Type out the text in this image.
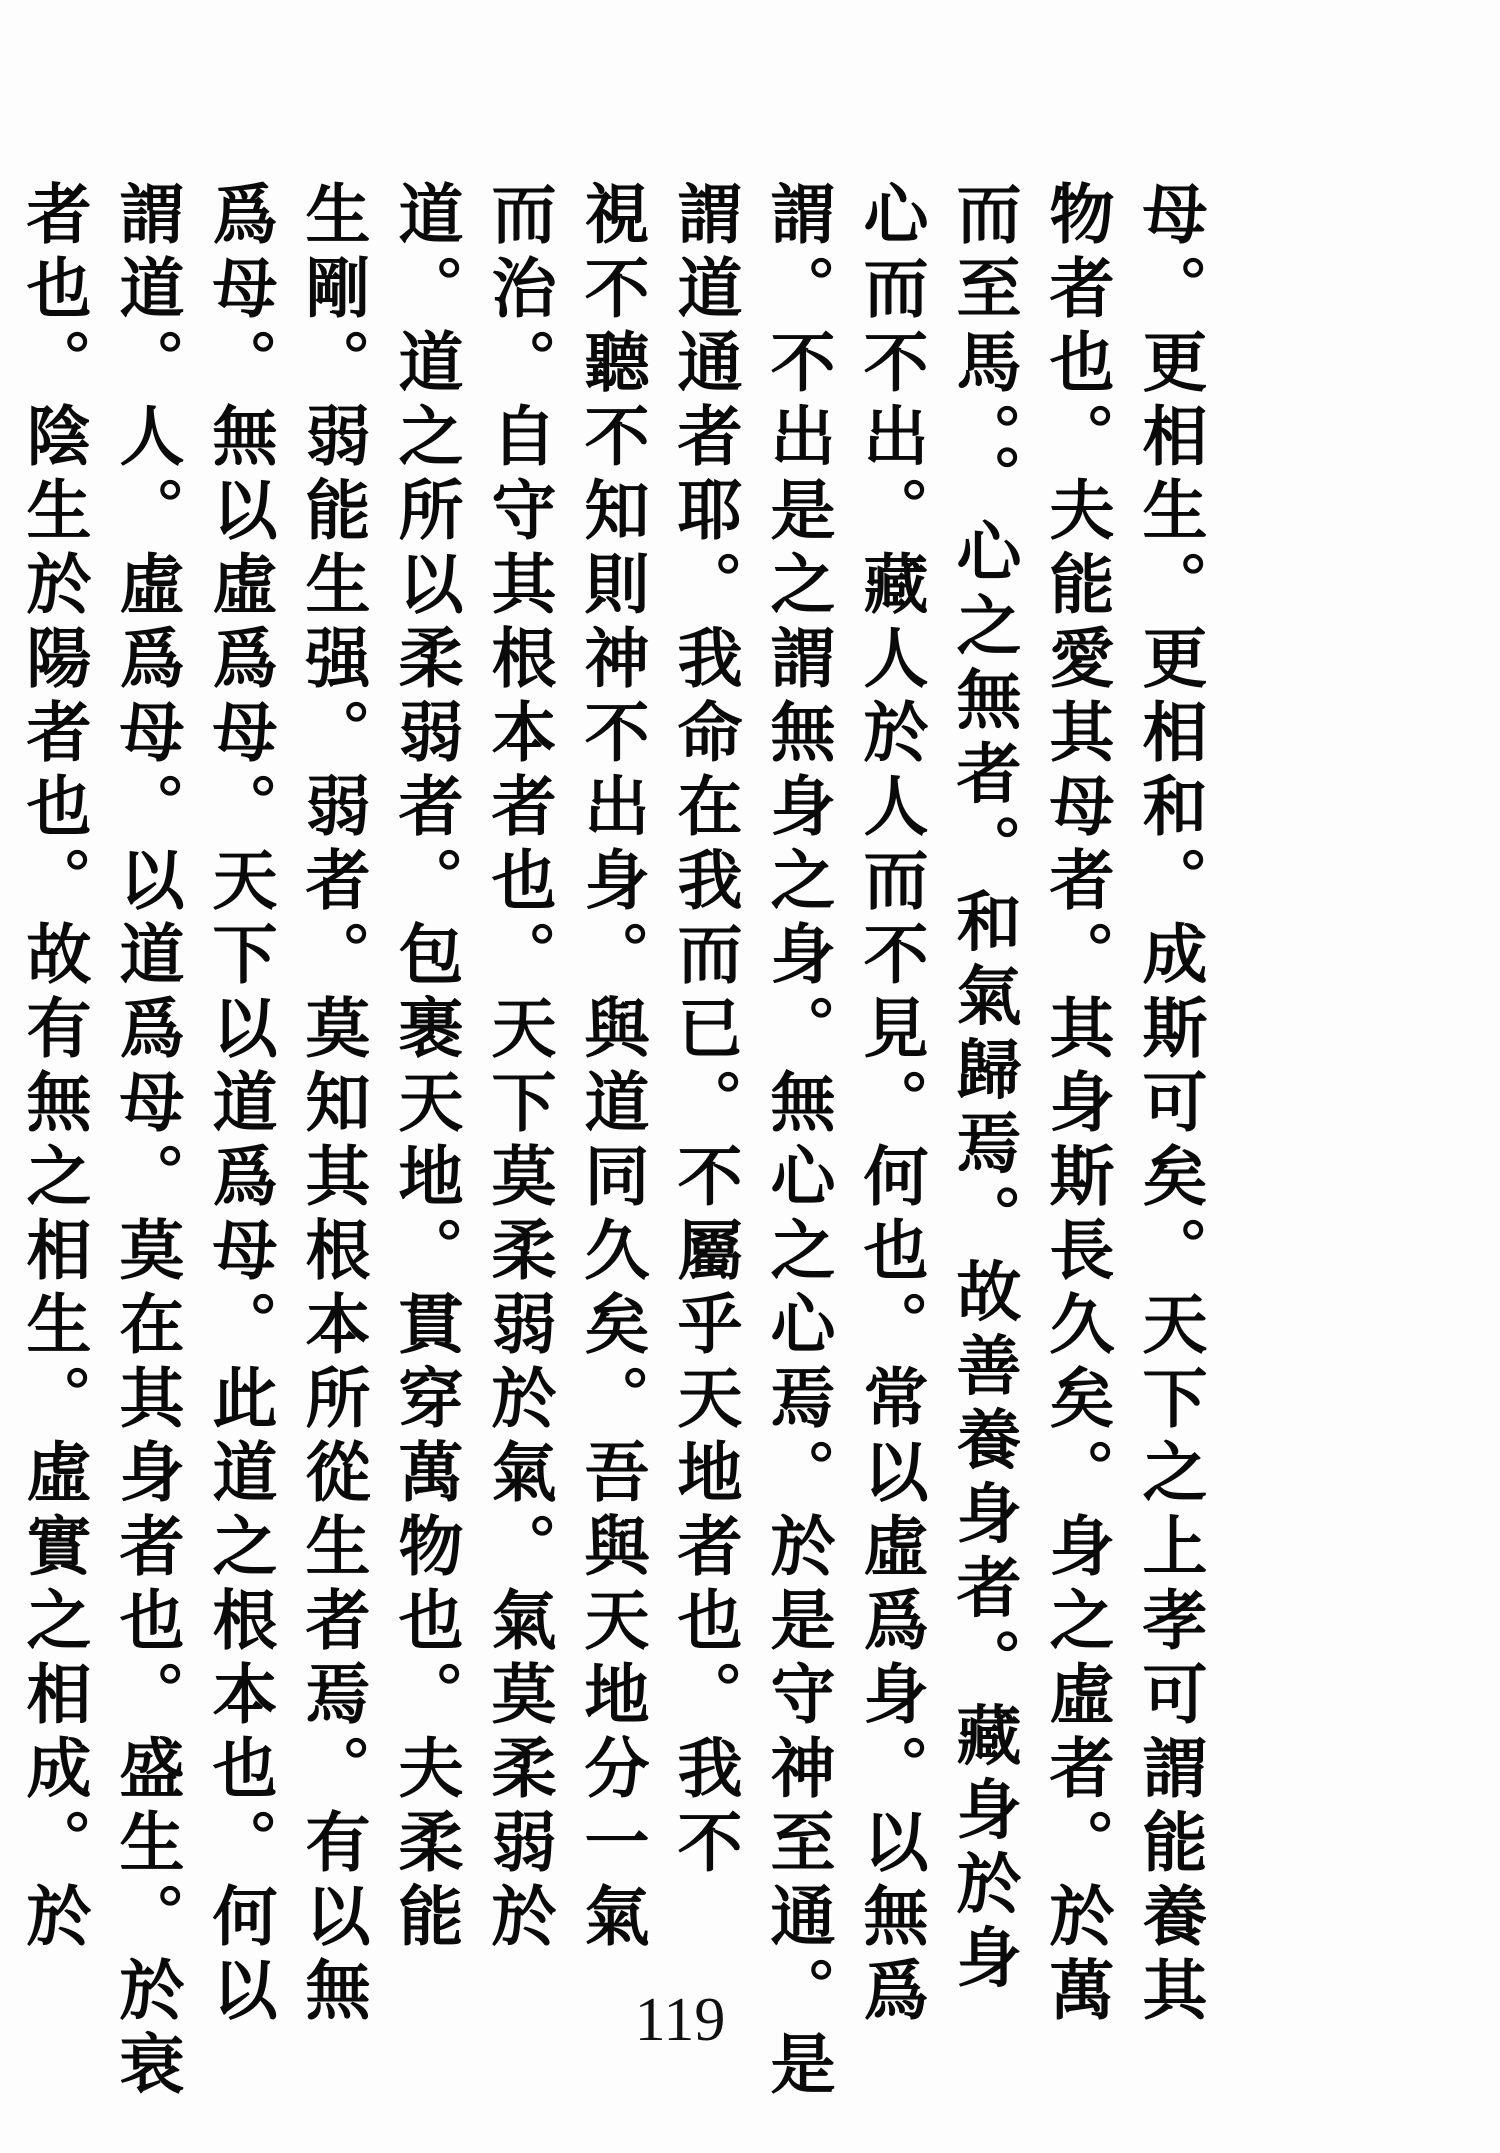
母。更相生。更相和。成斯可矣。天下之上孝可謂能養其
物者也。夫能愛其母者。其身斯長久矣。身之虛者。於萬
而至馬。。心之無者。和氣歸焉。故善養身者。藏身於身
心而不出。藏人於人而不見。何也。常以虛爲身。以無爲
謂。不出是之謂無身之身。無心之心焉。於是守神至通。是
謂道通者耶。我命在我而已。不屬乎天地者也。我不
視不聽不知則神不出身。與道同久矣。吾與天地分一氣
而治。自守其根本者也。天下莫柔弱於氣。氣莫柔弱於
道。道之所以柔弱者。包裹天地。貫穿萬物也。夫柔能
生剛。弱能生强。弱者。莫知其根本所從生者焉。有以無
爲母。無以虛爲母。天下以道爲母。此道之根本也。何以
謂道。人。虛爲母。以道爲母。莫在其身者也。盛生。於衰
者也。陰生於陽者也。故有無之相生。虛實之相成。於
119
